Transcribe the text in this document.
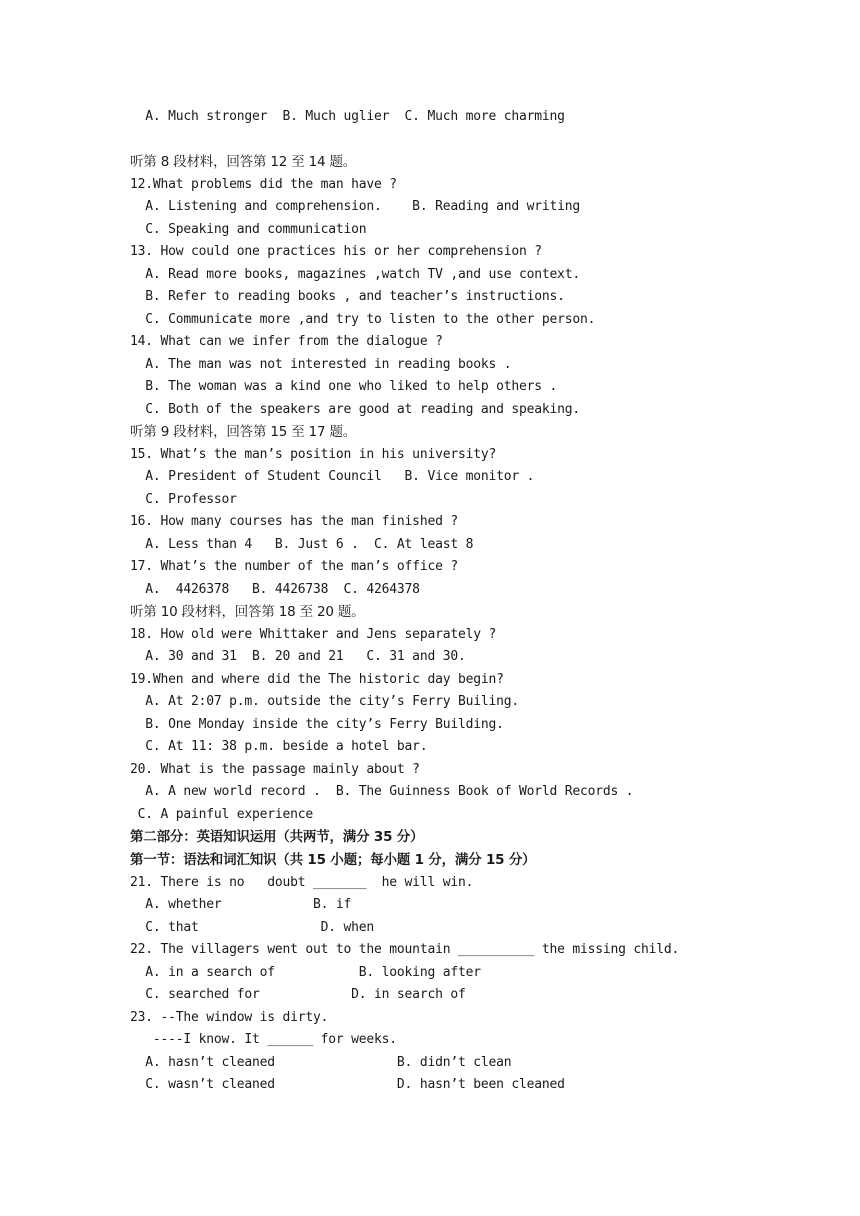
A. Much stronger  B. Much uglier  C. Much more charming
听第 8 段材料，回答第 12 至 14 题。
12.What problems did the man have ?
A. Listening and comprehension.    B. Reading and writing
C. Speaking and communication
13. How could one practices his or her comprehension ?
A. Read more books, magazines ,watch TV ,and use context.
B. Refer to reading books , and teacher’s instructions.
C. Communicate more ,and try to listen to the other person.
14. What can we infer from the dialogue ?
A. The man was not interested in reading books .
B. The woman was a kind one who liked to help others .
C. Both of the speakers are good at reading and speaking.
听第 9 段材料，回答第 15 至 17 题。
15. What’s the man’s position in his university?
A. President of Student Council   B. Vice monitor .
C. Professor
16. How many courses has the man finished ?
A. Less than 4   B. Just 6 .  C. At least 8
17. What’s the number of the man’s office ?
A.  4426378   B. 4426738  C. 4264378
听第 10 段材料，回答第 18 至 20 题。
18. How old were Whittaker and Jens separately ?
A. 30 and 31  B. 20 and 21   C. 31 and 30.
19.When and where did the The historic day begin?
A. At 2:07 p.m. outside the city’s Ferry Builing.
B. One Monday inside the city’s Ferry Building.
C. At 11: 38 p.m. beside a hotel bar.
20. What is the passage mainly about ?
A. A new world record .  B. The Guinness Book of World Records .
C. A painful experience
第二部分：英语知识运用（共两节，满分 35 分）
第一节：语法和词汇知识（共 15 小题；每小题 1 分，满分 15 分）
21. There is no   doubt _______  he will win.
A. whether            B. if
C. that                D. when
22. The villagers went out to the mountain __________ the missing child.
A. in a search of           B. looking after
C. searched for            D. in search of
23. --The window is dirty.
----I know. It ______ for weeks.
A. hasn’t cleaned                B. didn’t clean
C. wasn’t cleaned                D. hasn’t been cleaned
